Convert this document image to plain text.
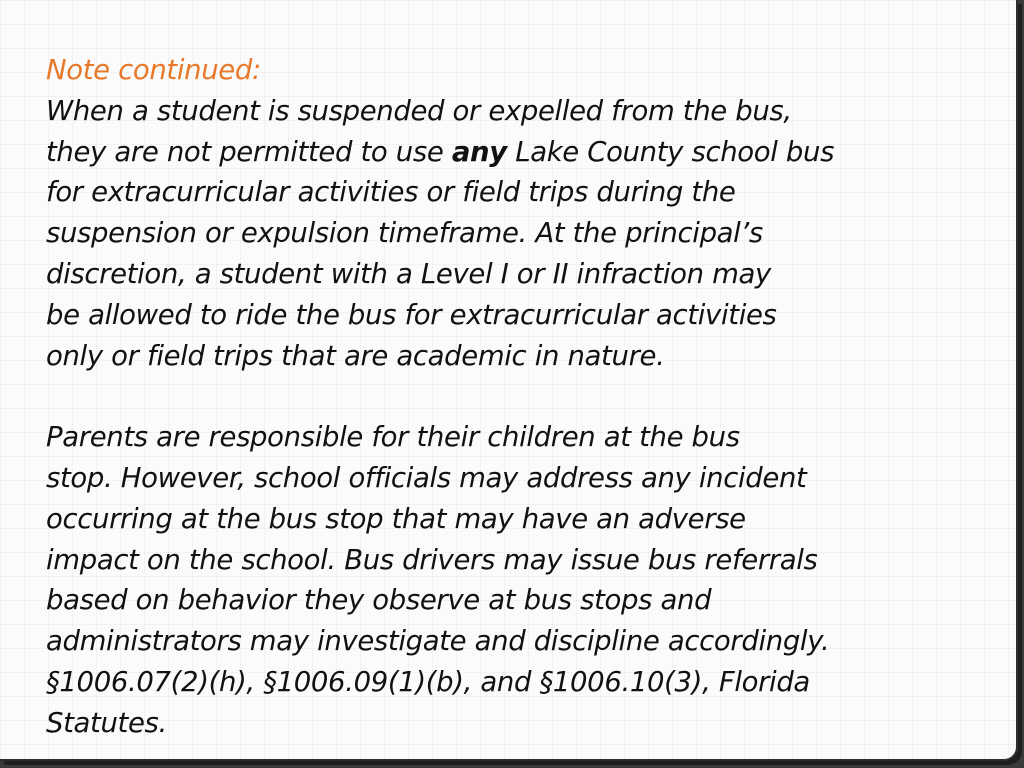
Note continued:
When a student is suspended or expelled from the bus,
they are not permitted to use any Lake County school bus
for extracurricular activities or field trips during the
suspension or expulsion timeframe. At the principal’s
discretion, a student with a Level I or II infraction may
be allowed to ride the bus for extracurricular activities
only or field trips that are academic in nature.
Parents are responsible for their children at the bus
stop. However, school officials may address any incident
occurring at the bus stop that may have an adverse
impact on the school. Bus drivers may issue bus referrals
based on behavior they observe at bus stops and
administrators may investigate and discipline accordingly.
§1006.07(2)(h), §1006.09(1)(b), and §1006.10(3), Florida
Statutes.
